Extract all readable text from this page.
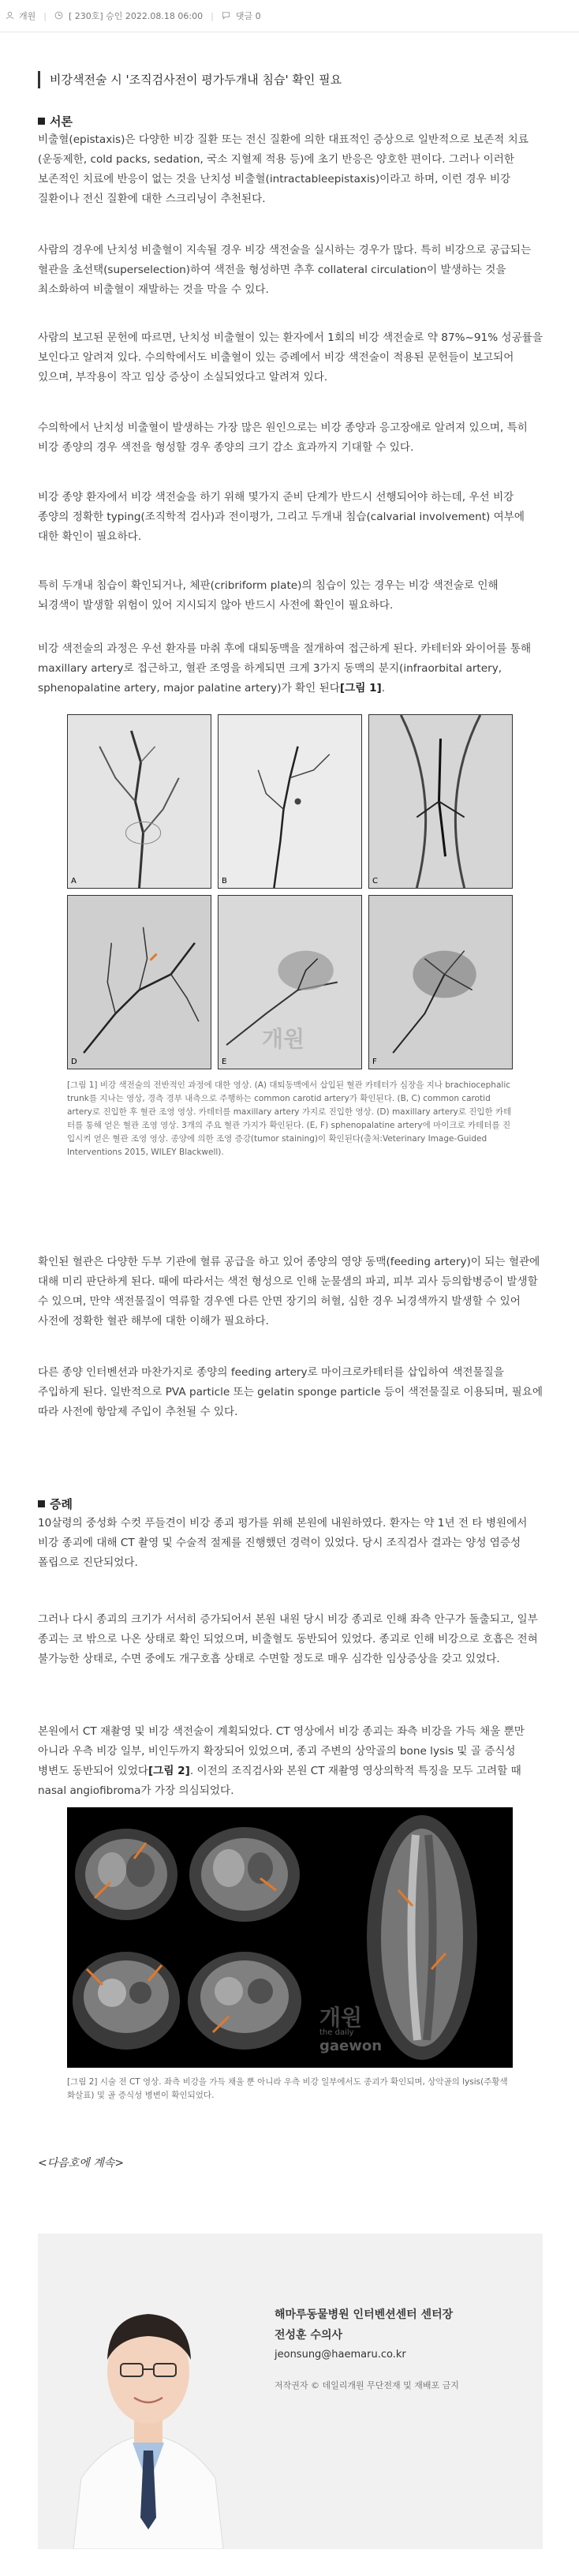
개원 |	[ 230호] 승인 2022.08.18 06:00 |	댓글 0
비강색전술 시 '조직검사전이 평가두개내 침습' 확인 필요
서론

비출혈(epistaxis)은 다양한 비강 질환 또는 전신 질환에 의한 대표적인 증상으로 일반적으로 보존적 치료(운동제한, cold packs, sedation, 국소 지혈제 적용 등)에 초기 반응은 양호한 편이다. 그러나 이러한 보존적인 치료에 반응이 없는 것을 난치성 비출혈(intractableepistaxis)이라고 하며, 이런 경우 비강 질환이나 전신 질환에 대한 스크리닝이 추천된다.

사람의 경우에 난치성 비출혈이 지속될 경우 비강 색전술을 실시하는 경우가 많다. 특히 비강으로 공급되는 혈관을 초선택(superselection)하여 색전을 형성하면 추후 collateral circulation이 발생하는 것을 최소화하여 비출혈이 재발하는 것을 막을 수 있다.

사람의 보고된 문헌에 따르면, 난치성 비출혈이 있는 환자에서 1회의 비강 색전술로 약 87%~91% 성공률을 보인다고 알려져 있다. 수의학에서도 비출혈이 있는 증례에서 비강 색전술이 적용된 문헌들이 보고되어 있으며, 부작용이 작고 임상 증상이 소실되었다고 알려져 있다.

수의학에서 난치성 비출혈이 발생하는 가장 많은 원인으로는 비강 종양과 응고장애로 알려져 있으며, 특히 비강 종양의 경우 색전을 형성할 경우 종양의 크기 감소 효과까지 기대할 수 있다.

비강 종양 환자에서 비강 색전술을 하기 위해 몇가지 준비 단계가 반드시 선행되어야 하는데, 우선 비강 종양의 정확한 typing(조직학적 검사)과 전이평가, 그리고 두개내 침습(calvarial involvement) 여부에 대한 확인이 필요하다.

특히 두개내 침습이 확인되거나, 체판(cribriform plate)의 침습이 있는 경우는 비강 색전술로 인해 뇌경색이 발생할 위험이 있어 지시되지 않아 반드시 사전에 확인이 필요하다.

비강 색전술의 과정은 우선 환자를 마취 후에 대퇴동맥을 절개하여 접근하게 된다. 카테터와 와이어를 통해 maxillary artery로 접근하고, 혈관 조영을 하게되면 크게 3가지 동맥의 분지(infraorbital artery, sphenopalatine artery, major palatine artery)가 확인 된다[그림 1].

A	B	C
D
개원
E	F

[그림 1] 비강 색전술의 전반적인 과정에 대한 영상. (A) 대퇴동맥에서 삽입된 혈관 카테터가 심장을 지나 brachiocephalic trunk를 지나는 영상, 경측 경부 내측으로 주행하는 common carotid artery가 확인된다. (B, C) common carotid artery로 진입한 후 혈관 조영 영상. 카테터를 maxillary artery 가지로 진입한 영상. (D) maxillary artery로 진입한 카테터를 통해 얻은 혈관 조영 영상. 3개의 주요 혈관 가지가 확인된다. (E, F) sphenopalatine artery에 마이크로 카테터를 진입시켜 얻은 혈관 조영 영상. 종양에 의한 조영 증강(tumor staining)이 확인된다(출처:Veterinary Image-Guided Interventions 2015, WILEY Blackwell).

확인된 혈관은 다양한 두부 기관에 혈류 공급을 하고 있어 종양의 영양 동맥(feeding artery)이 되는 혈관에 대해 미리 판단하게 된다. 때에 따라서는 색전 형성으로 인해 눈물샘의 파괴, 피부 괴사 등의합병증이 발생할 수 있으며, 만약 색전물질이 역류할 경우엔 다른 안면 장기의 허혈, 심한 경우 뇌경색까지 발생할 수 있어 사전에 정확한 혈관 해부에 대한 이해가 필요하다.

다른 종양 인터벤션과 마찬가지로 종양의 feeding artery로 마이크로카테터를 삽입하여 색전물질을 주입하게 된다. 일반적으로 PVA particle 또는 gelatin sponge particle 등이 색전물질로 이용되며, 필요에 따라 사전에 항암제 주입이 추천될 수 있다.

증례

10살령의 중성화 수컷 푸들견이 비강 종괴 평가를 위해 본원에 내원하였다. 환자는 약 1년 전 타 병원에서 비강 종괴에 대해 CT 촬영 및 수술적 절제를 진행했던 경력이 있었다. 당시 조직검사 결과는 양성 염증성 폴립으로 진단되었다.

그러나 다시 종괴의 크기가 서서히 증가되어서 본원 내원 당시 비강 종괴로 인해 좌측 안구가 돌출되고, 일부 종괴는 코 밖으로 나온 상태로 확인 되었으며, 비출혈도 동반되어 있었다. 종괴로 인해 비강으로 호흡은 전혀 불가능한 상태로, 수면 중에도 개구호흡 상태로 수면할 정도로 매우 심각한 임상증상을 갖고 있었다.

본원에서 CT 재촬영 및 비강 색전술이 계획되었다. CT 영상에서 비강 종괴는 좌측 비강을 가득 채울 뿐만 아니라 우측 비강 일부, 비인두까지 확장되어 있었으며, 종괴 주변의 상악골의 bone lysis 및 골 증식성 병변도 동반되어 있었다[그림 2]. 이전의 조직검사와 본원 CT 재촬영 영상의학적 특징을 모두 고려할 때 nasal angiofibroma가 가장 의심되었다.

개원
the daily
gaewon

[그림 2] 시술 전 CT 영상. 좌측 비강을 가득 채울 뿐 아니라 우측 비강 일부에서도 종괴가 확인되며, 상악골의 lysis(주황색 화살표) 및 골 증식성 병변이 확인되었다.

<다음호에 계속>
해마루동물병원 인터벤션센터 센터장
전성훈 수의사
jeonsung@haemaru.co.kr
저작권자 © 데일리개원 무단전재 및 재배포 금지
